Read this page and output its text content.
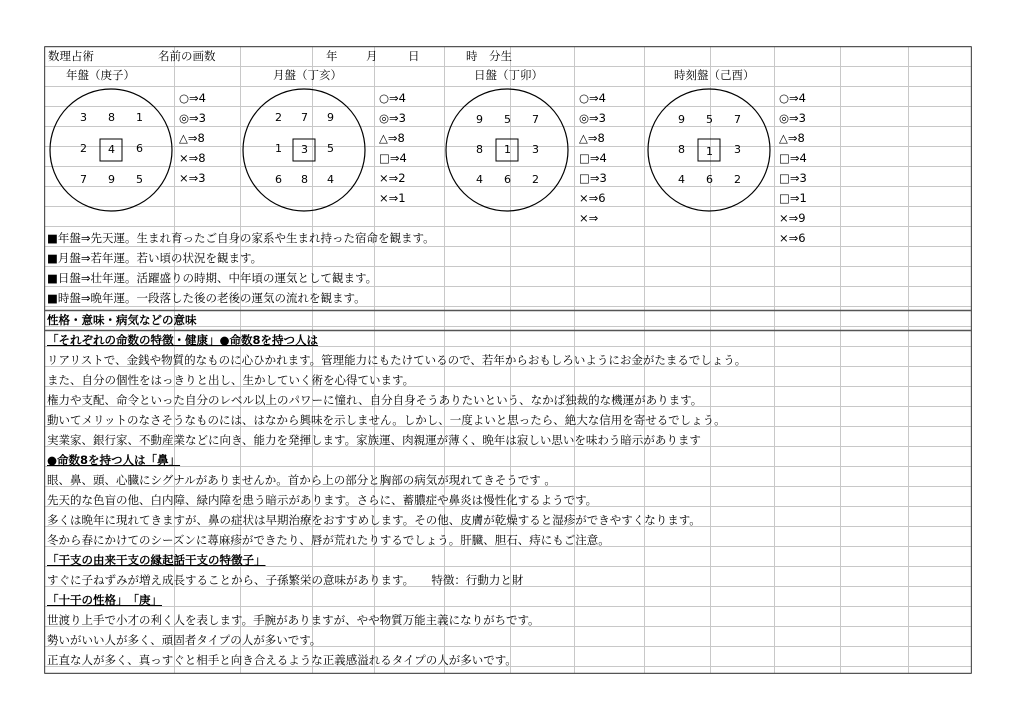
数理占術	名前の画数	年 月	日	時　分生
年盤（庚子）	月盤（丁亥）	日盤（丁卯）	時刻盤（己酉）
3 8 1
2 4 6
7 9 5
2 7 9
1 3 5
6 8 4
9 5 7
8 1 3
4 6 2
9 5 7
8 1 3
4 6 2
○⇒4
◎⇒3
△⇒8
×⇒8
×⇒3
○⇒4
◎⇒3
△⇒8
□⇒4
×⇒2
×⇒1
○⇒4
◎⇒3
△⇒8
□⇒4
□⇒3
×⇒6
×⇒
○⇒4
◎⇒3
△⇒8
□⇒4
□⇒3
□⇒1
×⇒9
×⇒6
■年盤⇒先天運。生まれ育ったご自身の家系や生まれ持った宿命を観ます。
■月盤⇒若年運。若い頃の状況を観ます。
■日盤⇒壮年運。活躍盛りの時期、中年頃の運気として観ます。
■時盤⇒晩年運。一段落した後の老後の運気の流れを観ます。
性格・意味・病気などの意味
「それぞれの命数の特徴・健康」●命数8を持つ人は
リアリストで、金銭や物質的なものに心ひかれます。管理能力にもたけているので、若年からおもしろいようにお金がたまるでしょう。
また、自分の個性をはっきりと出し、生かしていく術を心得ています。
権力や支配、命令といった自分のレベル以上のパワーに憧れ、自分自身そうありたいという、なかば独裁的な機運があります。
動いてメリットのなさそうなものには、はなから興味を示しません。しかし、一度よいと思ったら、絶大な信用を寄せるでしょう。
実業家、銀行家、不動産業などに向き、能力を発揮します。家族運、肉親運が薄く、晩年は寂しい思いを味わう暗示があります
●命数8を持つ人は「鼻」
眼、鼻、頭、心臓にシグナルがありませんか。首から上の部分と胸部の病気が現れてきそうです 。
先天的な色盲の他、白内障、緑内障を患う暗示があります。さらに、蓄膿症や鼻炎は慢性化するようです。
多くは晩年に現れてきますが、鼻の症状は早期治療をおすすめします。その他、皮膚が乾燥すると湿疹ができやすくなります。
冬から春にかけてのシーズンに蕁麻疹ができたり、唇が荒れたりするでしょう。肝臓、胆石、痔にもご注意。
「干支の由来干支の縁起話干支の特徴子」
すぐに子ねずみが増え成長することから、子孫繁栄の意味があります。　　特徴：行動力と財
「十干の性格」　「庚」
世渡り上手で小才の利く人を表します。手腕がありますが、やや物質万能主義になりがちです。
勢いがいい人が多く、頑固者タイプの人が多いです。
正直な人が多く、真っすぐと相手と向き合えるような正義感溢れるタイプの人が多いです。
